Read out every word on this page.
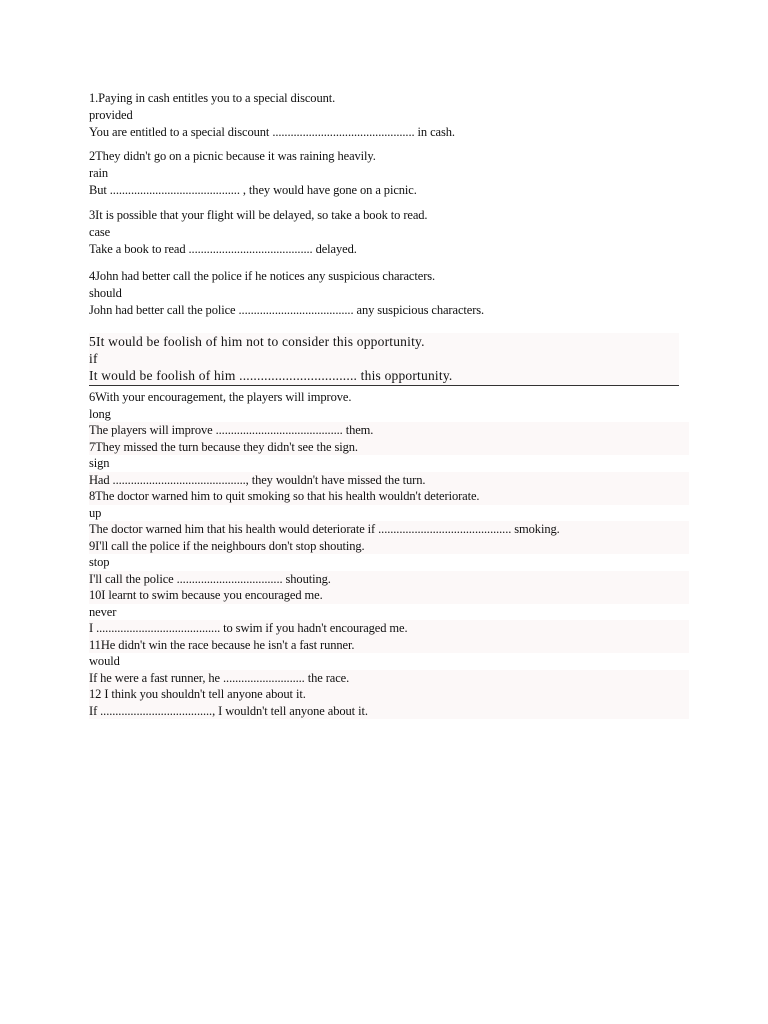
1.Paying in cash entitles you to a special discount.
provided
You are entitled to a special discount ............................................... in cash.
2They didn't go on a picnic because it was raining heavily.
rain
But ........................................... , they would have gone on a picnic.
3It is possible that your flight will be delayed, so take a book to read.
case
Take a book to read ......................................... delayed.
4John had better call the police if he notices any suspicious characters.
should
John had better call the police ...................................... any suspicious characters.
5It would be foolish of him not to consider this opportunity.
if
It would be foolish of him ................................. this opportunity.
6With your encouragement, the players will improve.
long
The players will improve .......................................... them.
7They missed the turn because they didn't see the sign.
sign
Had ............................................, they wouldn't have missed the turn.
8The doctor warned him to quit smoking so that his health wouldn't deteriorate.
up
The doctor warned him that his health would deteriorate if ............................................ smoking.
9I'll call the police if the neighbours don't stop shouting.
stop
I'll call the police ................................... shouting.
10I learnt to swim because you encouraged me.
never
I ......................................... to swim if you hadn't encouraged me.
11He didn't win the race because he isn't a fast runner.
would
If he were a fast runner, he ........................... the race.
12 I think you shouldn't tell anyone about it.
If ....................................., I wouldn't tell anyone about it.
